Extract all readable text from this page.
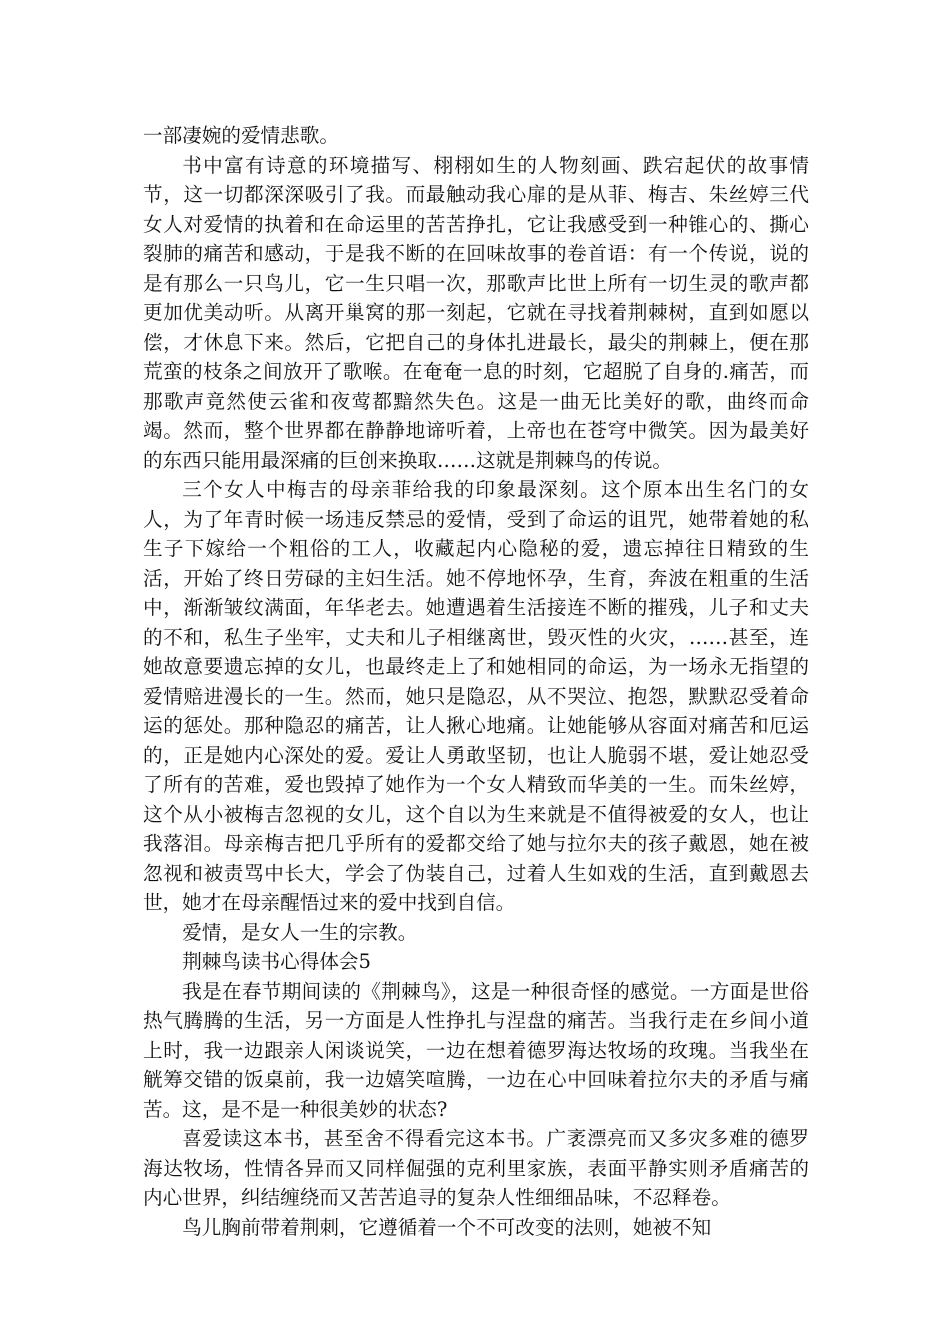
一部凄婉的爱情悲歌。

书中富有诗意的环境描写、栩栩如生的人物刻画、跌宕起伏的故事情节，这一切都深深吸引了我。而最触动我心扉的是从菲、梅吉、朱丝婷三代女人对爱情的执着和在命运里的苦苦挣扎，它让我感受到一种锥心的、撕心裂肺的痛苦和感动，于是我不断的在回味故事的卷首语：有一个传说，说的是有那么一只鸟儿，它一生只唱一次，那歌声比世上所有一切生灵的歌声都更加优美动听。从离开巢窝的那一刻起，它就在寻找着荆棘树，直到如愿以偿，才休息下来。然后，它把自己的身体扎进最长，最尖的荆棘上，便在那荒蛮的枝条之间放开了歌喉。在奄奄一息的时刻，它超脱了自身的.痛苦，而那歌声竟然使云雀和夜莺都黯然失色。这是一曲无比美好的歌，曲终而命竭。然而，整个世界都在静静地谛听着，上帝也在苍穹中微笑。因为最美好的东西只能用最深痛的巨创来换取……这就是荆棘鸟的传说。

三个女人中梅吉的母亲菲给我的印象最深刻。这个原本出生名门的女人，为了年青时候一场违反禁忌的爱情，受到了命运的诅咒，她带着她的私生子下嫁给一个粗俗的工人，收藏起内心隐秘的爱，遗忘掉往日精致的生活，开始了终日劳碌的主妇生活。她不停地怀孕，生育，奔波在粗重的生活中，渐渐皱纹满面，年华老去。她遭遇着生活接连不断的摧残，儿子和丈夫的不和，私生子坐牢，丈夫和儿子相继离世，毁灭性的火灾，……甚至，连她故意要遗忘掉的女儿，也最终走上了和她相同的命运，为一场永无指望的爱情赔进漫长的一生。然而，她只是隐忍，从不哭泣、抱怨，默默忍受着命运的惩处。那种隐忍的痛苦，让人揪心地痛。让她能够从容面对痛苦和厄运的，正是她内心深处的爱。爱让人勇敢坚韧，也让人脆弱不堪，爱让她忍受了所有的苦难，爱也毁掉了她作为一个女人精致而华美的一生。而朱丝婷，这个从小被梅吉忽视的女儿，这个自以为生来就是不值得被爱的女人，也让我落泪。母亲梅吉把几乎所有的爱都交给了她与拉尔夫的孩子戴恩，她在被忽视和被责骂中长大，学会了伪装自己，过着人生如戏的生活，直到戴恩去世，她才在母亲醒悟过来的爱中找到自信。

爱情，是女人一生的宗教。

荆棘鸟读书心得体会5

我是在春节期间读的《荆棘鸟》，这是一种很奇怪的感觉。一方面是世俗热气腾腾的生活，另一方面是人性挣扎与涅盘的痛苦。当我行走在乡间小道上时，我一边跟亲人闲谈说笑，一边在想着德罗海达牧场的玫瑰。当我坐在觥筹交错的饭桌前，我一边嬉笑喧腾，一边在心中回味着拉尔夫的矛盾与痛苦。这，是不是一种很美妙的状态?

喜爱读这本书，甚至舍不得看完这本书。广袤漂亮而又多灾多难的德罗海达牧场，性情各异而又同样倔强的克利里家族，表面平静实则矛盾痛苦的内心世界，纠结缠绕而又苦苦追寻的复杂人性细细品味，不忍释卷。

鸟儿胸前带着荆刺，它遵循着一个不可改变的法则，她被不知
